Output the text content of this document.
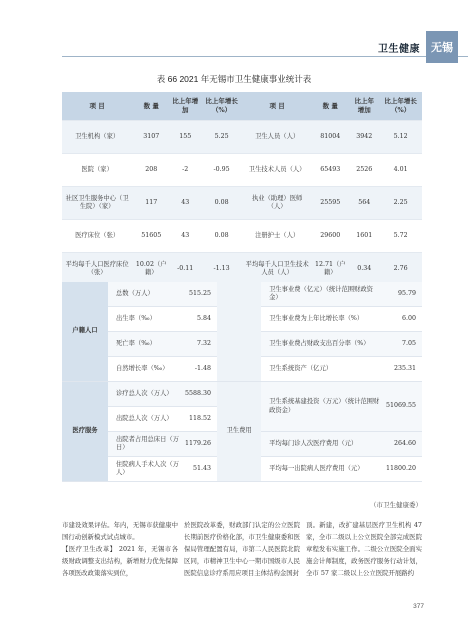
卫生健康	无锡
表 66 2021 年无锡市卫生健康事业统计表
项 目	数 量	比上年增加	比上年增长（%）	项 目	数 量	比上年增加	比上年增长（%）
卫生机构（家）	3107	155	5.25	卫生人员（人）	81004	3942	5.12
医院（家）	208	-2	-0.95	卫生技术人员（人）	65493	2526	4.01
社区卫生服务中心（卫生院）（家）	117	43	0.08	执业（助理）医师（人）	25595	564	2.25
医疗床位（张）	51605	43	0.08	注册护士（人）	29600	1601	5.72
平均每千人口医疗床位（张）	10.02（户籍）	-0.11	-1.13	平均每千人口卫生技术人员（人）	12.71（户籍）	0.34	2.76
户籍人口	总数（万人）	515.25		卫生事业费（亿元）（统计范围财政资金）	95.79
	出生率（‰）	5.84		卫生事业费为上年比增长率（%）	6.00
	死亡率（‰）	7.32		卫生事业费占财政支出百分率（%）	7.05
	自然增长率（‰）	-1.48		卫生系统资产（亿元）	235.31
医疗服务	诊疗总人次（万人）	5588.30	卫生费用	卫生系统基建投资（万元）（统计范围财政资金）	51069.55
	出院总人次（万人）	118.52			
	出院者占用总床日（万日）	1179.26		平均每门诊人次医疗费用（元）	264.60
	住院病人手术人次（万人）	51.43		平均每一出院病人医疗费用（元）	11800.20
（市卫生健康委）
市建设效果评估。年内，无锡市获健康中国行动创新模式试点城市。
【医疗卫生改革】 2021 年，无锡市各级财政调整支出结构，新增财力优先保障各项医改政策落实到位，
於医院改革委，财政部门认定的公立医院长期前医疗价格化部，市卫生健康委和医保局管理配置有局，市第二人民医院北院区同，市精神卫生中心一期市国级市人民医院信息诊疗系用应项目主体结构金国封
顶。新建，改扩建基层医疗卫生机构 47 家，全市二级以上公立医院全部完成医院章程发布实施工作。二级公立医院全面实施会计师制度，政务医疗服务行动计划，全市 57 家二级以上公立医院开展路约
377
